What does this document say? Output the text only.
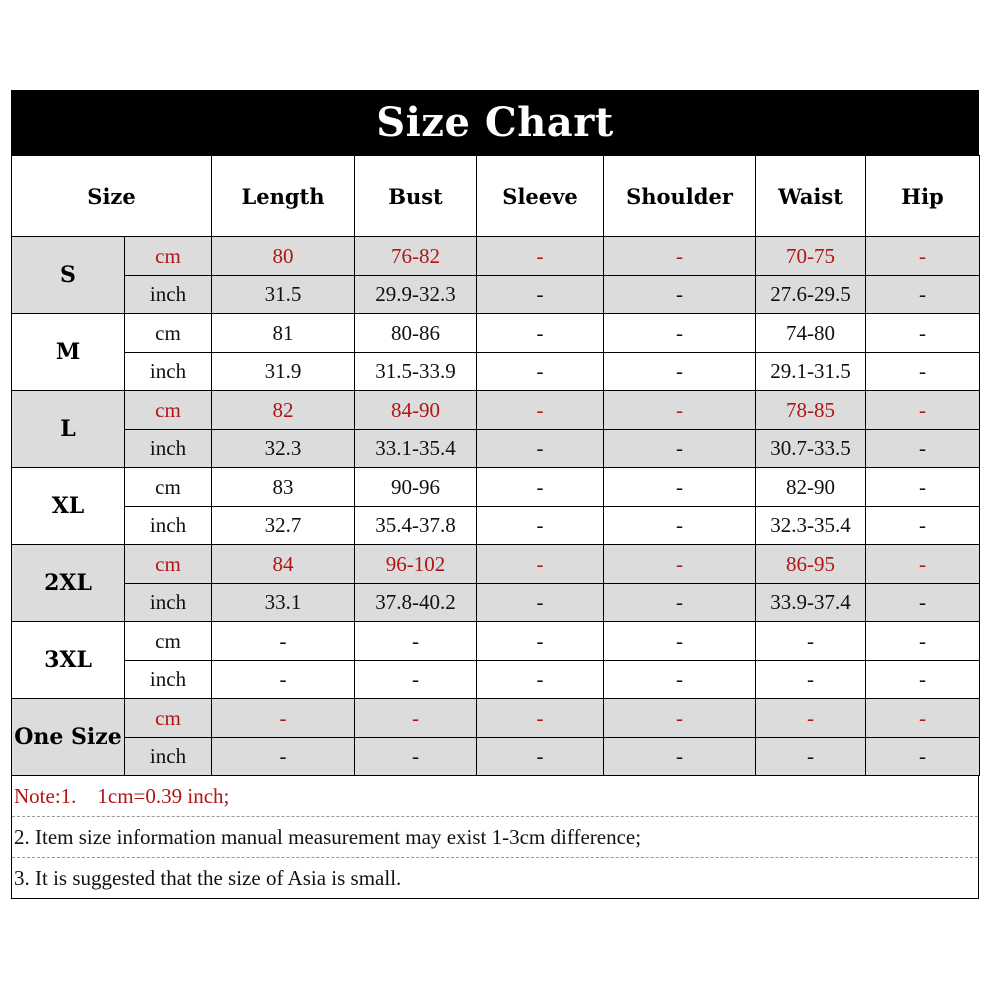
Size Chart
Size		Length	Bust	Sleeve	Shoulder	Waist	Hip
S	cm	80	76-82	-	-	70-75	-
	inch	31.5	29.9-32.3	-	-	27.6-29.5	-
M	cm	81	80-86	-	-	74-80	-
	inch	31.9	31.5-33.9	-	-	29.1-31.5	-
L	cm	82	84-90	-	-	78-85	-
	inch	32.3	33.1-35.4	-	-	30.7-33.5	-
XL	cm	83	90-96	-	-	82-90	-
	inch	32.7	35.4-37.8	-	-	32.3-35.4	-
2XL	cm	84	96-102	-	-	86-95	-
	inch	33.1	37.8-40.2	-	-	33.9-37.4	-
3XL	cm	-	-	-	-	-	-
	inch	-	-	-	-	-	-
One Size	cm	-	-	-	-	-	-
	inch	-	-	-	-	-	-
Note:1.    1cm=0.39 inch;
2. Item size information manual measurement may exist 1-3cm difference;
3. It is suggested that the size of Asia is small.
